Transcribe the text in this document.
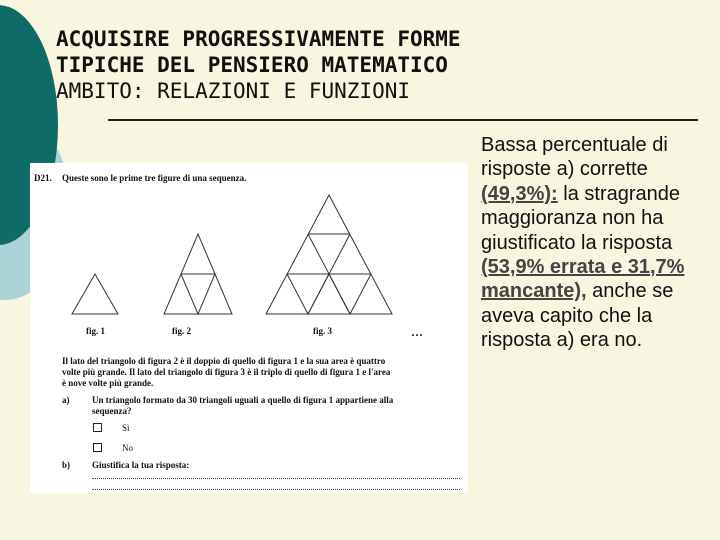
ACQUISIRE PROGRESSIVAMENTE FORME
TIPICHE DEL PENSIERO MATEMATICO
AMBITO: RELAZIONI E FUNZIONI
D21. Queste sono le prime tre figure di una sequenza.
fig. 1	fig. 2	fig. 3	…
Il lato del triangolo di figura 2 è il doppio di quello di figura 1 e la sua area è quattro
volte più grande. Il lato del triangolo di figura 3 è il triplo di quello di figura 1 e l'area
è nove volte più grande.
a)	Un triangolo formato da 30 triangoli uguali a quello di figura 1 appartiene alla
sequenza?
Sì
No
b) Giustifica la tua risposta:
Bassa percentuale di risposte a) corrette (49,3%): la stragrande maggioranza non ha giustificato la risposta (53,9% errata e 31,7% mancante), anche se aveva capito che la risposta a) era no.
